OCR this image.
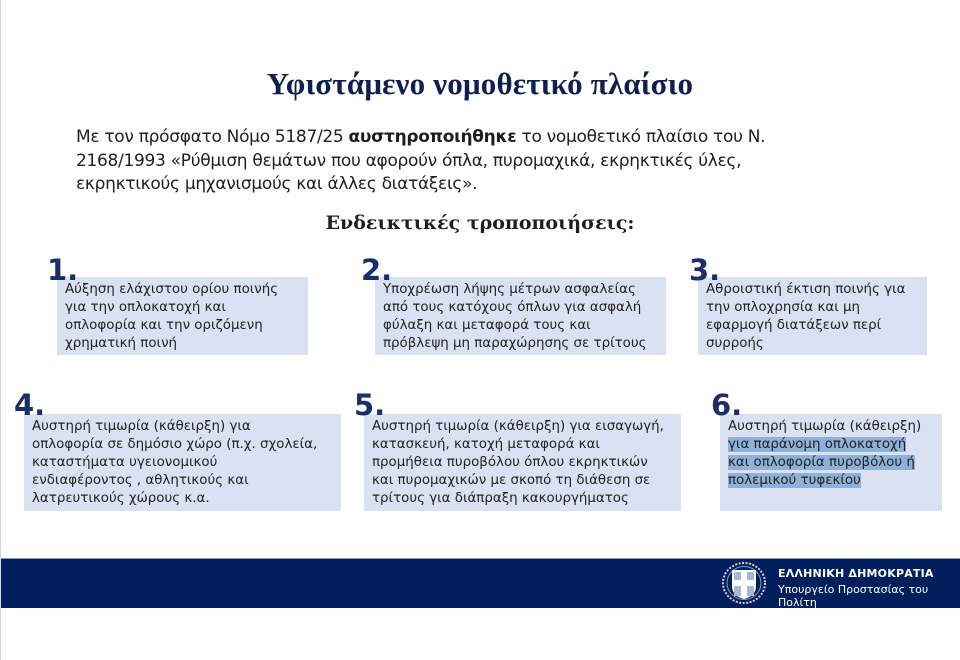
Υφιστάμενο νομοθετικό πλαίσιο
Με τον πρόσφατο Νόμο 5187/25 αυστηροποιήθηκε το νομοθετικό πλαίσιο του Ν.
2168/1993 «Ρύθμιση θεμάτων που αφορούν όπλα, πυρομαχικά, εκρηκτικές ύλες,
εκρηκτικούς μηχανισμούς και άλλες διατάξεις».
Ενδεικτικές τροποποιήσεις:
Αύξηση ελάχιστου ορίου ποινής
για την οπλοκατοχή και
οπλοφορία και την οριζόμενη
χρηματική ποινή
1.
Υποχρέωση λήψης μέτρων ασφαλείας
από τους κατόχους όπλων για ασφαλή
φύλαξη και μεταφορά τους και
πρόβλεψη μη παραχώρησης σε τρίτους
2.
Αθροιστική έκτιση ποινής για
την οπλοχρησία και μη
εφαρμογή διατάξεων περί
συρροής
3.
Αυστηρή τιμωρία (κάθειρξη) για
οπλοφορία σε δημόσιο χώρο (π.χ. σχολεία,
καταστήματα υγειονομικού
ενδιαφέροντος , αθλητικούς και
λατρευτικούς χώρους κ.α.
4.
Αυστηρή τιμωρία (κάθειρξη) για εισαγωγή,
κατασκευή, κατοχή μεταφορά και
προμήθεια πυροβόλου όπλου εκρηκτικών
και πυρομαχικών με σκοπό τη διάθεση σε
τρίτους για διάπραξη κακουργήματος
5.
Αυστηρή τιμωρία (κάθειρξη)
για παράνομη οπλοκατοχή
και οπλοφορία πυροβόλου ή
πολεμικού τυφεκίου
6.
ΕΛΛΗΝΙΚΗ ΔΗΜΟΚΡΑΤΙΑ
Υπουργείο Προστασίας του Πολίτη
